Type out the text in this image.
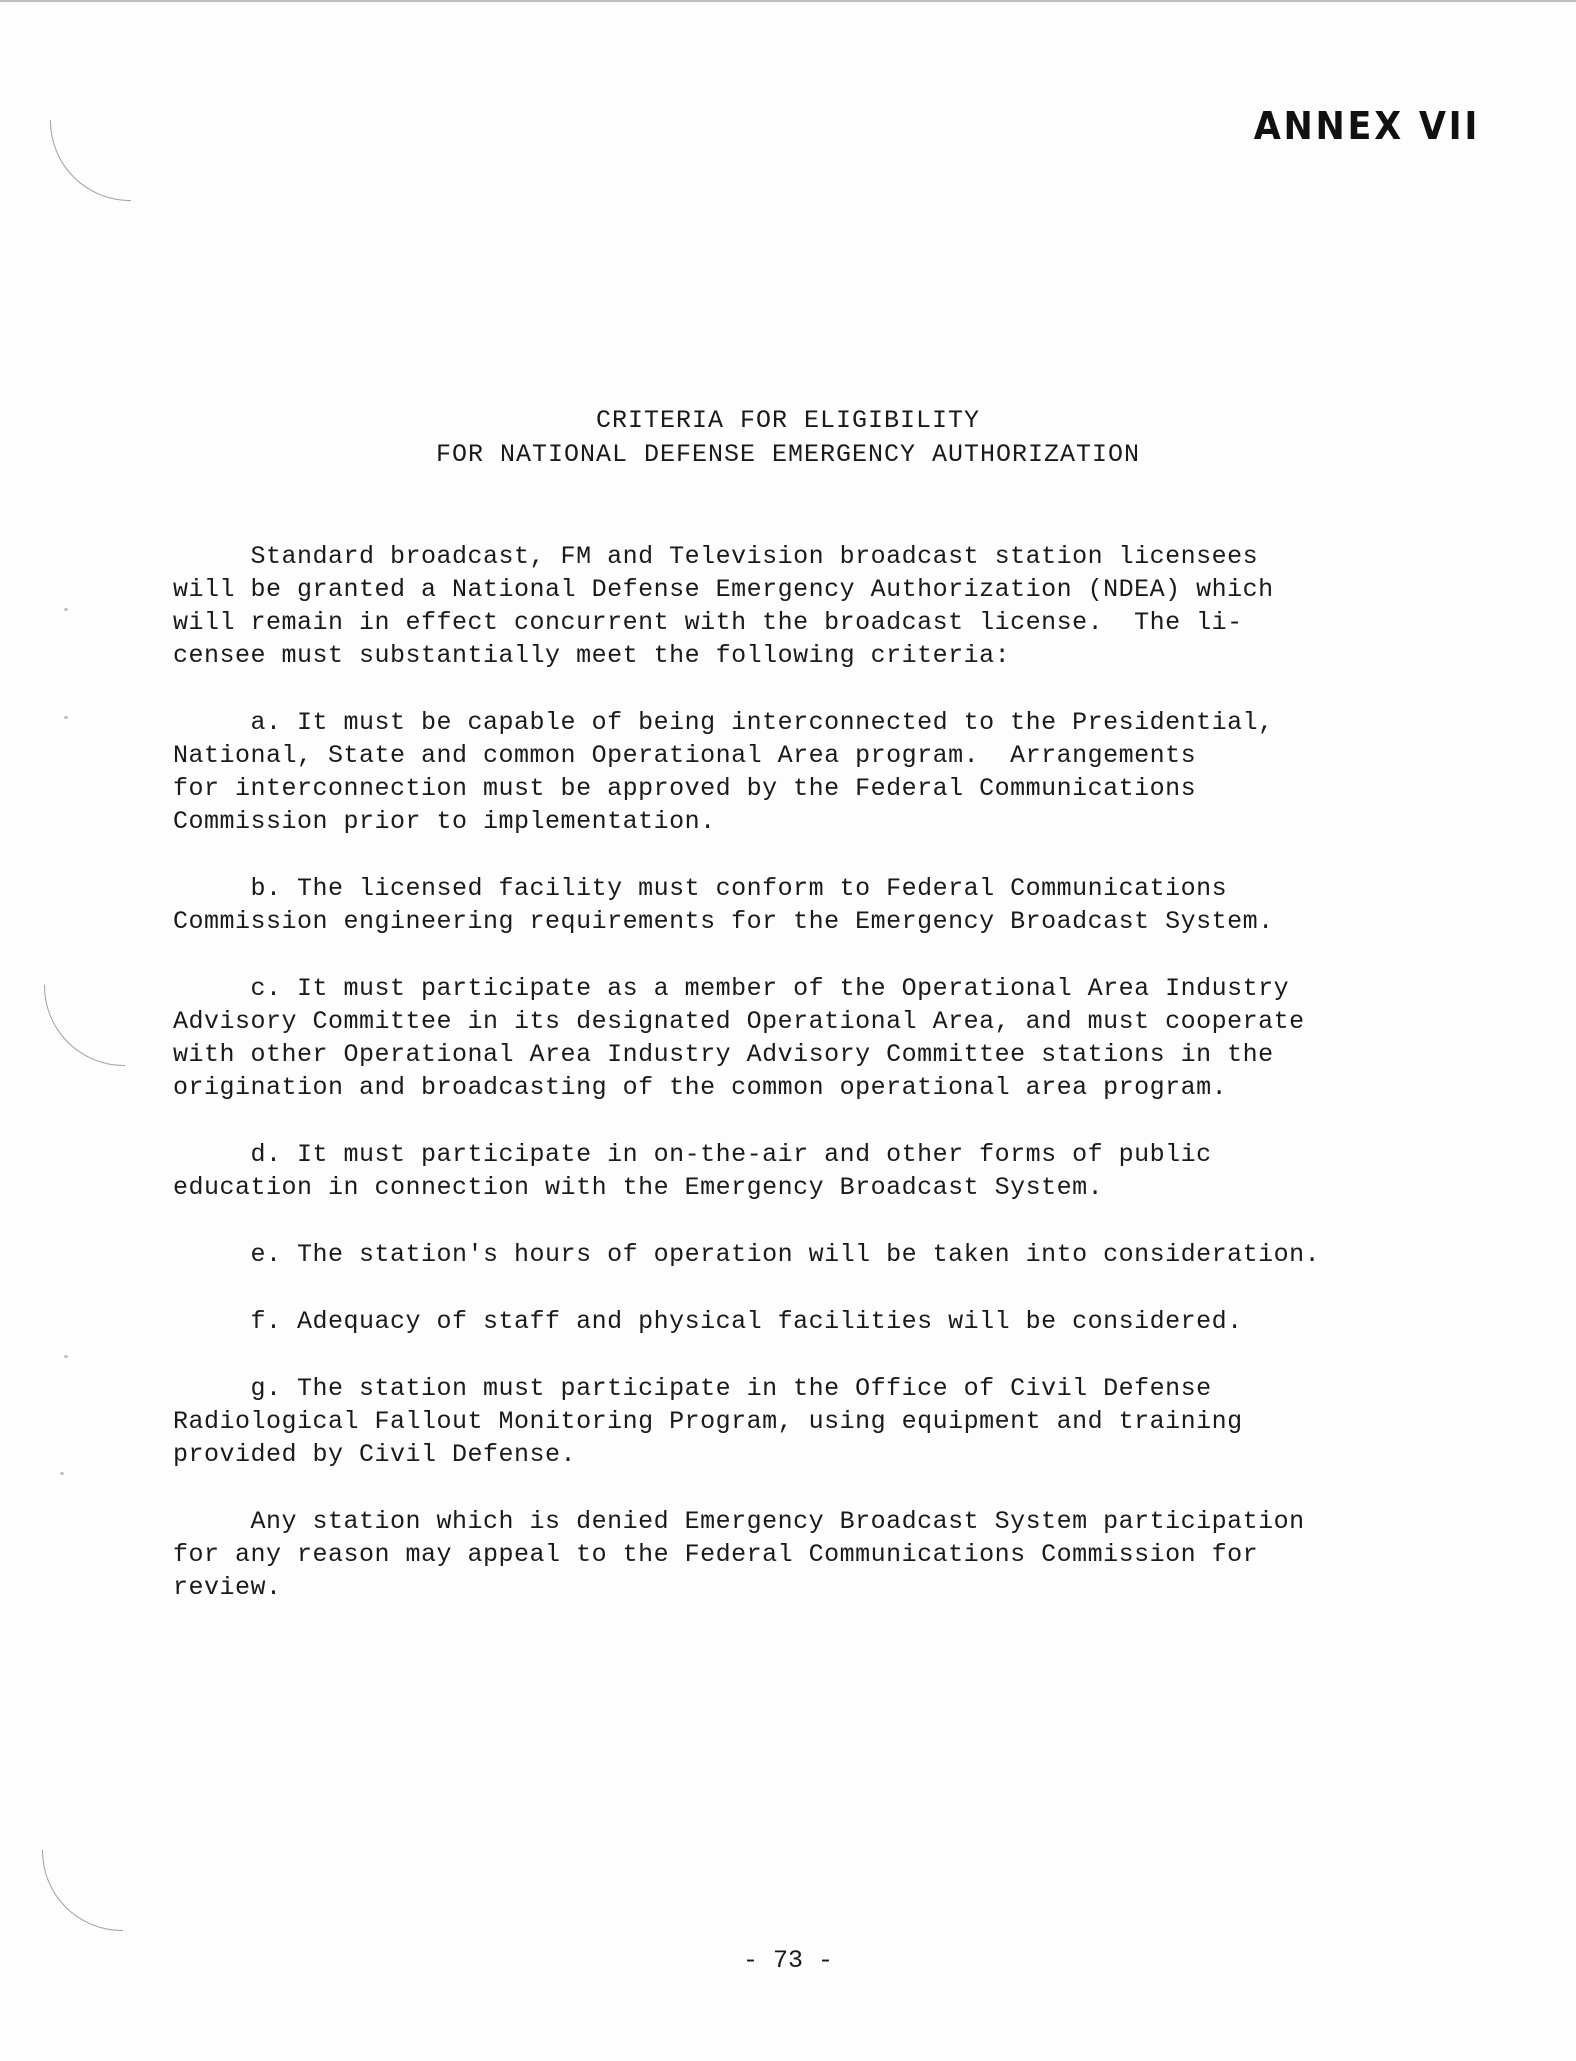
ANNEX VII
CRITERIA FOR ELIGIBILITY
FOR NATIONAL DEFENSE EMERGENCY AUTHORIZATION
Standard broadcast, FM and Television broadcast station licensees
will be granted a National Defense Emergency Authorization (NDEA) which
will remain in effect concurrent with the broadcast license.  The li-
censee must substantially meet the following criteria:
a. It must be capable of being interconnected to the Presidential,
National, State and common Operational Area program.  Arrangements
for interconnection must be approved by the Federal Communications
Commission prior to implementation.
b. The licensed facility must conform to Federal Communications
Commission engineering requirements for the Emergency Broadcast System.
c. It must participate as a member of the Operational Area Industry
Advisory Committee in its designated Operational Area, and must cooperate
with other Operational Area Industry Advisory Committee stations in the
origination and broadcasting of the common operational area program.
d. It must participate in on-the-air and other forms of public
education in connection with the Emergency Broadcast System.
e. The station's hours of operation will be taken into consideration.
f. Adequacy of staff and physical facilities will be considered.
g. The station must participate in the Office of Civil Defense
Radiological Fallout Monitoring Program, using equipment and training
provided by Civil Defense.
Any station which is denied Emergency Broadcast System participation
for any reason may appeal to the Federal Communications Commission for
review.
- 73 -
